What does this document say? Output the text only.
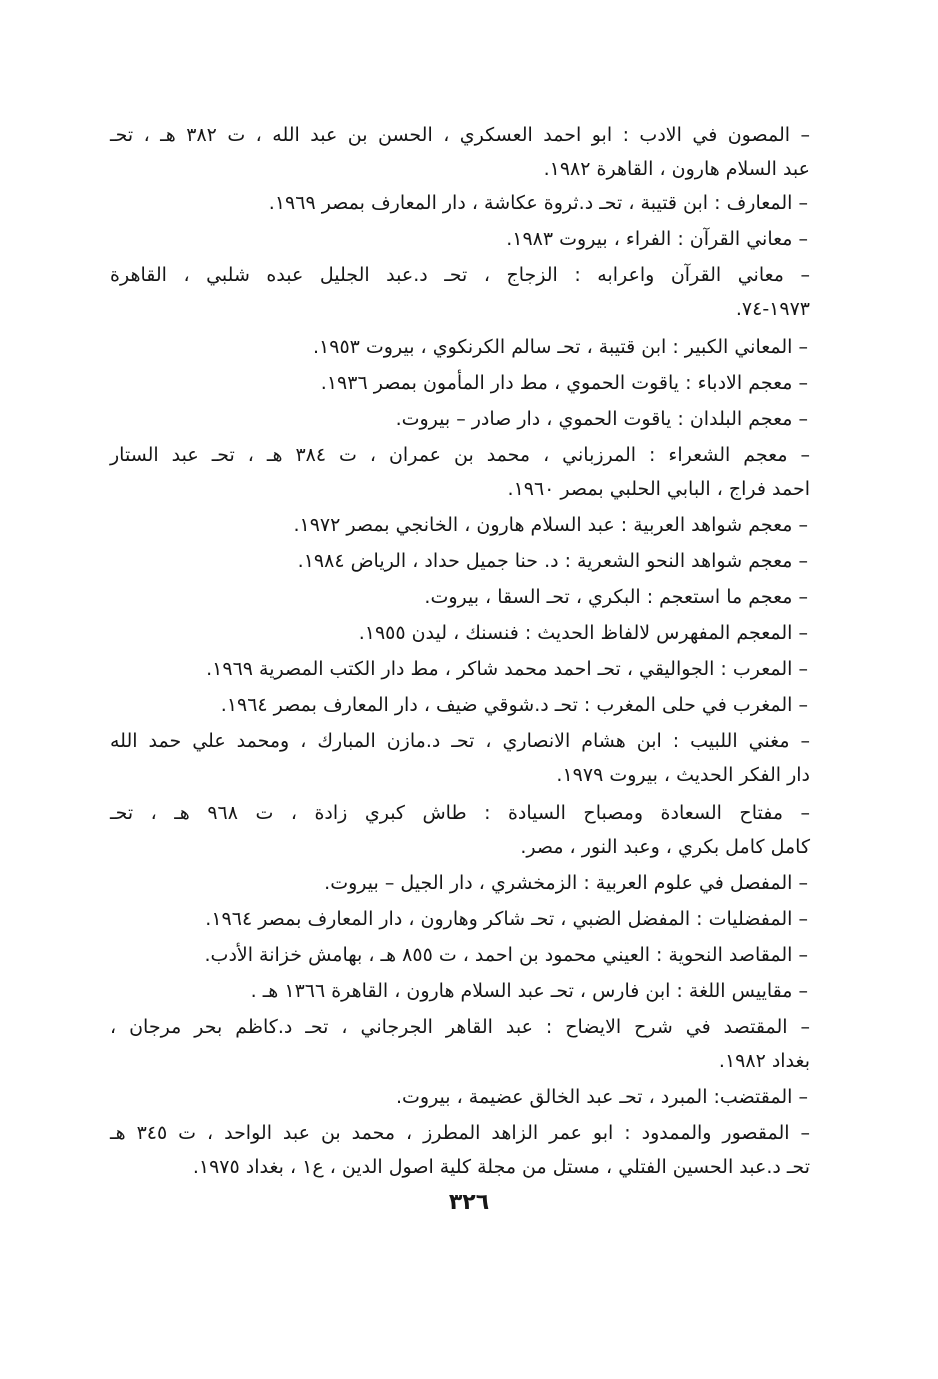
– المصون في الادب : ابو احمد العسكري ، الحسن بن عبد الله ، ت ٣٨٢ هـ ، تحـ
عبد السلام هارون ، القاهرة ١٩٨٢.

– المعارف : ابن قتيبة ، تحـ د.ثروة عكاشة ، دار المعارف بمصر ١٩٦٩.

– معاني القرآن : الفراء ، بيروت ١٩٨٣.

– معاني القرآن واعرابه : الزجاج ، تحـ د.عبد الجليل عبده شلبي ، القاهرة
١٩٧٣-٧٤.

– المعاني الكبير : ابن قتيبة ، تحـ سالم الكرنكوي ، بيروت ١٩٥٣.

– معجم الادباء : ياقوت الحموي ، مط دار المأمون بمصر ١٩٣٦.

– معجم البلدان : ياقوت الحموي ، دار صادر – بيروت.

– معجم الشعراء : المرزباني ، محمد بن عمران ، ت ٣٨٤ هـ ، تحـ عبد الستار
احمد فراج ، البابي الحلبي بمصر ١٩٦٠.

– معجم شواهد العربية : عبد السلام هارون ، الخانجي بمصر ١٩٧٢.

– معجم شواهد النحو الشعرية : د. حنا جميل حداد ، الرياض ١٩٨٤.

– معجم ما استعجم : البكري ، تحـ السقا ، بيروت.

– المعجم المفهرس لالفاظ الحديث : فنسنك ، ليدن ١٩٥٥.

– المعرب : الجواليقي ، تحـ احمد محمد شاكر ، مط دار الكتب المصرية ١٩٦٩.

– المغرب في حلى المغرب : تحـ د.شوقي ضيف ، دار المعارف بمصر ١٩٦٤.

– مغني اللبيب : ابن هشام الانصاري ، تحـ د.مازن المبارك ، ومحمد علي حمد الله
دار الفكر الحديث ، بيروت ١٩٧٩.

– مفتاح السعادة ومصباح السيادة : طاش كبري زادة ، ت ٩٦٨ هـ ، تحـ
كامل كامل بكري ، وعبد النور ، مصر.

– المفصل في علوم العربية : الزمخشري ، دار الجيل – بيروت.

– المفضليات : المفضل الضبي ، تحـ شاكر وهارون ، دار المعارف بمصر ١٩٦٤.

– المقاصد النحوية : العيني محمود بن احمد ، ت ٨٥٥ هـ ، بهامش خزانة الأدب.

– مقاييس اللغة : ابن فارس ، تحـ عبد السلام هارون ، القاهرة ١٣٦٦ هـ .

– المقتصد في شرح الايضاح : عبد القاهر الجرجاني ، تحـ د.كاظم بحر مرجان ،
بغداد ١٩٨٢.

– المقتضب: المبرد ، تحـ عبد الخالق عضيمة ، بيروت.

– المقصور والممدود : ابو عمر الزاهد المطرز ، محمد بن عبد الواحد ، ت ٣٤٥ هـ
تحـ د.عبد الحسين الفتلي ، مستل من مجلة كلية اصول الدين ، ع١ ، بغداد ١٩٧٥.

٣٢٦
